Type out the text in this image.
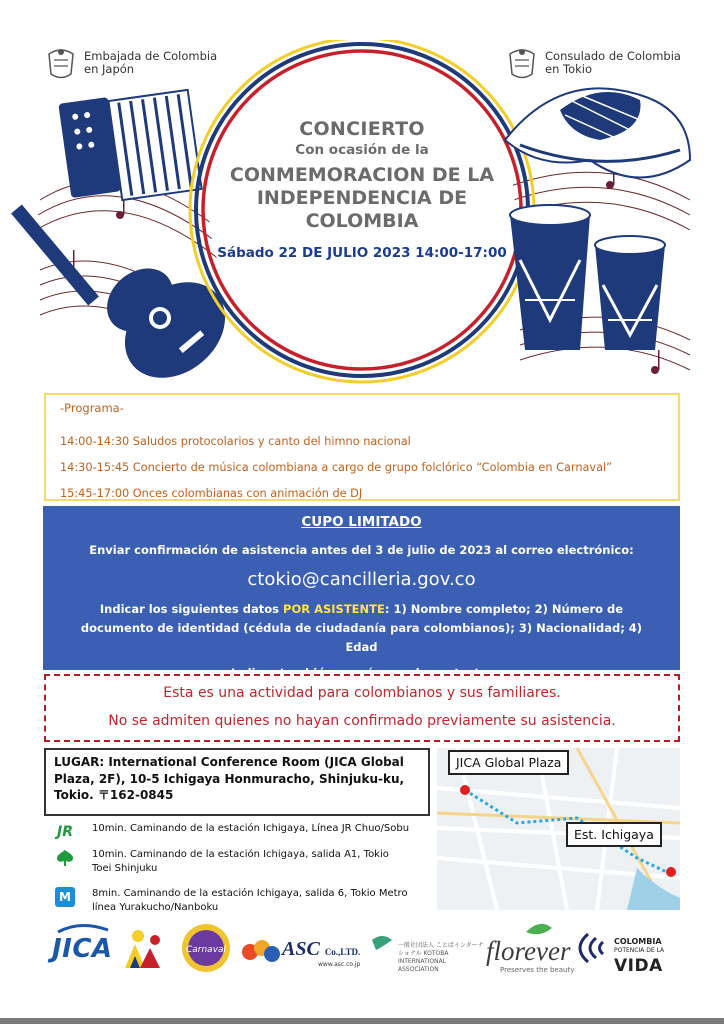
Embajada de Colombia
en Japón
Consulado de Colombia
en Tokio
CONCIERTO
Con ocasión de la
CONMEMORACION DE LA
INDEPENDENCIA DE
COLOMBIA
Sábado 22 DE JULIO 2023 14:00-17:00
-Programa-
14:00-14:30 Saludos protocolarios y canto del himno nacional
14:30-15:45 Concierto de música colombiana a cargo de grupo folclórico “Colombia en Carnaval”
15:45-17:00 Onces colombianas con animación de DJ
CUPO LIMITADO
Enviar confirmación de asistencia antes del 3 de julio de 2023 al correo electrónico:
ctokio@cancilleria.gov.co
Indicar los siguientes datos POR ASISTENTE: 1) Nombre completo; 2) Número de documento de identidad (cédula de ciudadanía para colombianos); 3) Nacionalidad; 4) Edad
Indicar también un número de contacto.
Esta es una actividad para colombianos y sus familiares.
No se admiten quienes no hayan confirmado previamente su asistencia.
LUGAR: International Conference Room (JICA Global Plaza, 2F), 10-5 Ichigaya Honmuracho, Shinjuku-ku, Tokio. 〒162-0845
JR 10min. Caminando de la estación Ichigaya, Línea JR Chuo/Sobu
10min. Caminando de la estación Ichigaya, salida A1, Tokio Toei Shinjuku
M	8min. Caminando de la estación Ichigaya, salida 6, Tokio Metro línea Yurakucho/Nanboku
JICA Global Plaza
Est. Ichigaya
Carnaval
JICA	ASC Co.,LTD.
www.asc.co.jp
一般社団法人 ことばインターナショナル KOTOBA INTERNATIONAL ASSOCIATION
florever
Preserves the beauty
COLOMBIA
POTENCIA DE LA
VIDA
